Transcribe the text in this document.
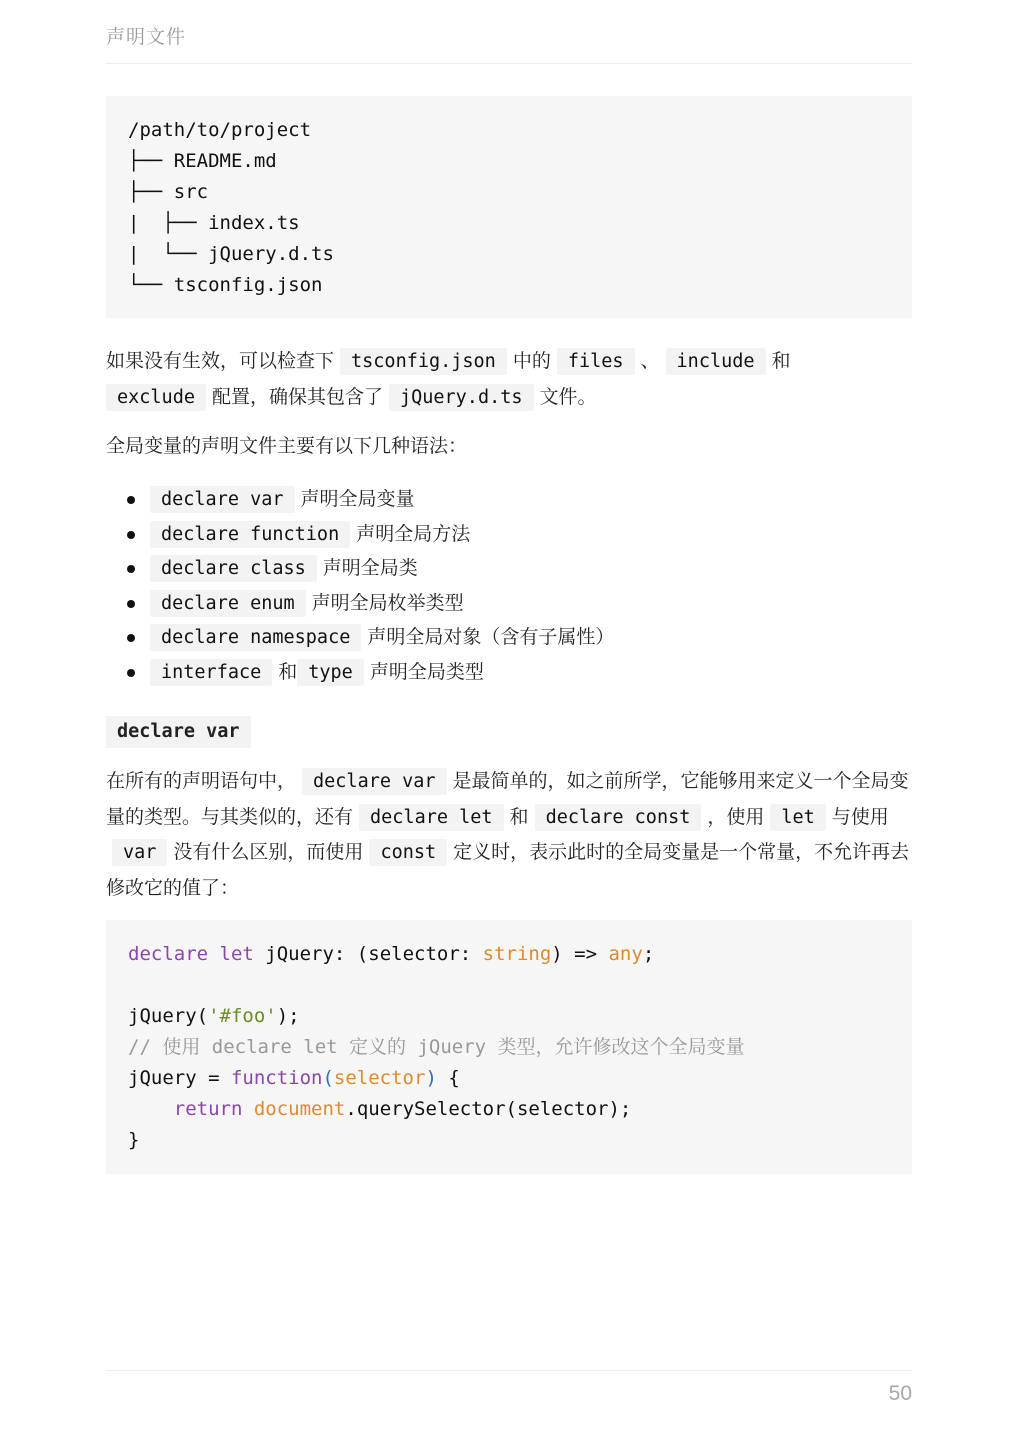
声明文件
/path/to/project
├── README.md
├── src
|  ├── index.ts
|  └── jQuery.d.ts
└── tsconfig.json
如果没有生效，可以检查下 tsconfig.json 中的 files 、 include 和
exclude 配置，确保其包含了 jQuery.d.ts 文件。
全局变量的声明文件主要有以下几种语法：
declare var 声明全局变量
declare function 声明全局方法
declare class 声明全局类
declare enum 声明全局枚举类型
declare namespace 声明全局对象（含有子属性）
interface 和 type 声明全局类型
declare var
在所有的声明语句中， declare var 是最简单的，如之前所学，它能够用来定义一个全局变量的类型。与其类似的，还有 declare let 和 declare const ，使用 let 与使用var 没有什么区别，而使用 const 定义时，表示此时的全局变量是一个常量，不允许再去修改它的值了：
declare let jQuery: (selector: string) => any;
jQuery('#foo');
// 使用 declare let 定义的 jQuery 类型，允许修改这个全局变量
jQuery = function(selector) {
return document.querySelector(selector);
}
50
